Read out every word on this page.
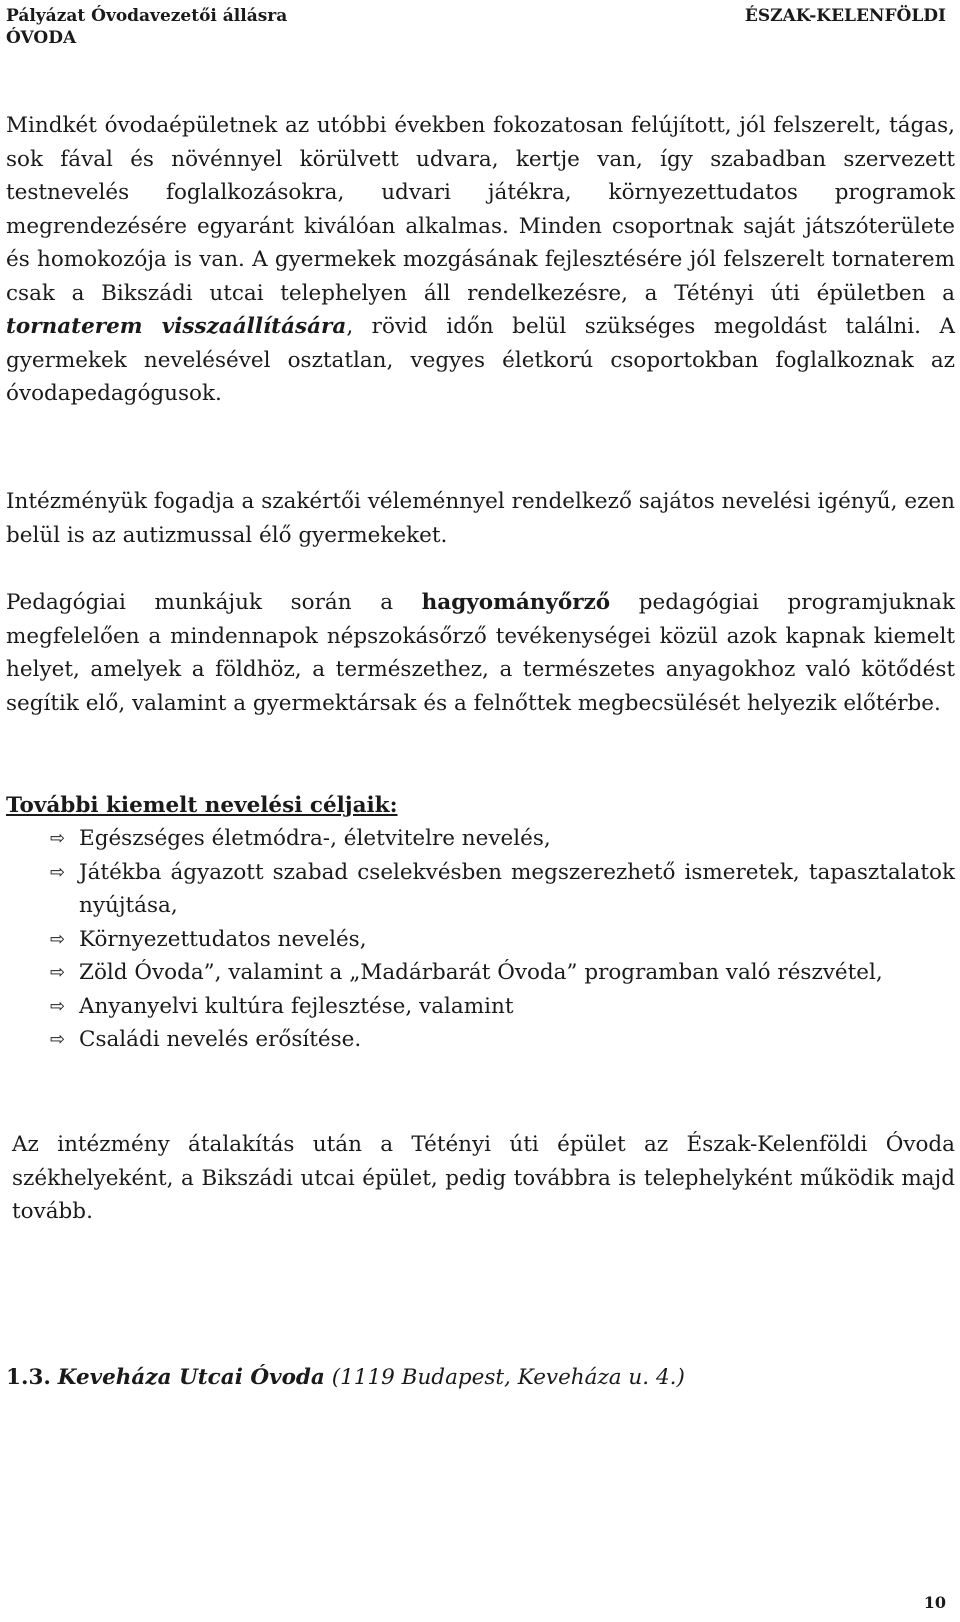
Pályázat Óvodavezetői állásra
ÓVODA
ÉSZAK-KELENFÖLDI
Mindkét óvodaépületnek az utóbbi években fokozatosan felújított, jól felszerelt, tágas, sok fával és növénnyel körülvett udvara, kertje van, így szabadban szervezett testnevelés foglalkozásokra, udvari játékra, környezettudatos programok megrendezésére egyaránt kiválóan alkalmas. Minden csoportnak saját játszóterülete és homokozója is van. A gyermekek mozgásának fejlesztésére jól felszerelt tornaterem csak a Bikszádi utcai telephelyen áll rendelkezésre, a Tétényi úti épületben a tornaterem visszaállítására, rövid időn belül szükséges megoldást találni. A gyermekek nevelésével osztatlan, vegyes életkorú csoportokban foglalkoznak az óvodapedagógusok.
Intézményük fogadja a szakértői véleménnyel rendelkező sajátos nevelési igényű, ezen belül is az autizmussal élő gyermekeket.
Pedagógiai munkájuk során a hagyományőrző pedagógiai programjuknak megfelelően a mindennapok népszokásőrző tevékenységei közül azok kapnak kiemelt helyet, amelyek a földhöz, a természethez, a természetes anyagokhoz való kötődést segítik elő, valamint a gyermektársak és a felnőttek megbecsülését helyezik előtérbe.
További kiemelt nevelési céljaik:
⇨ Egészséges életmódra-, életvitelre nevelés,
⇨ Játékba ágyazott szabad cselekvésben megszerezhető ismeretek, tapasztalatok nyújtása,
⇨ Környezettudatos nevelés,
⇨ Zöld Óvoda”, valamint a „Madárbarát Óvoda” programban való részvétel,
⇨ Anyanyelvi kultúra fejlesztése, valamint
⇨ Családi nevelés erősítése.
Az intézmény átalakítás után a Tétényi úti épület az Észak-Kelenföldi Óvoda székhelyeként, a Bikszádi utcai épület, pedig továbbra is telephelyként működik majd tovább.
1.3. Keveháza Utcai Óvoda (1119 Budapest, Keveháza u. 4.)
10
